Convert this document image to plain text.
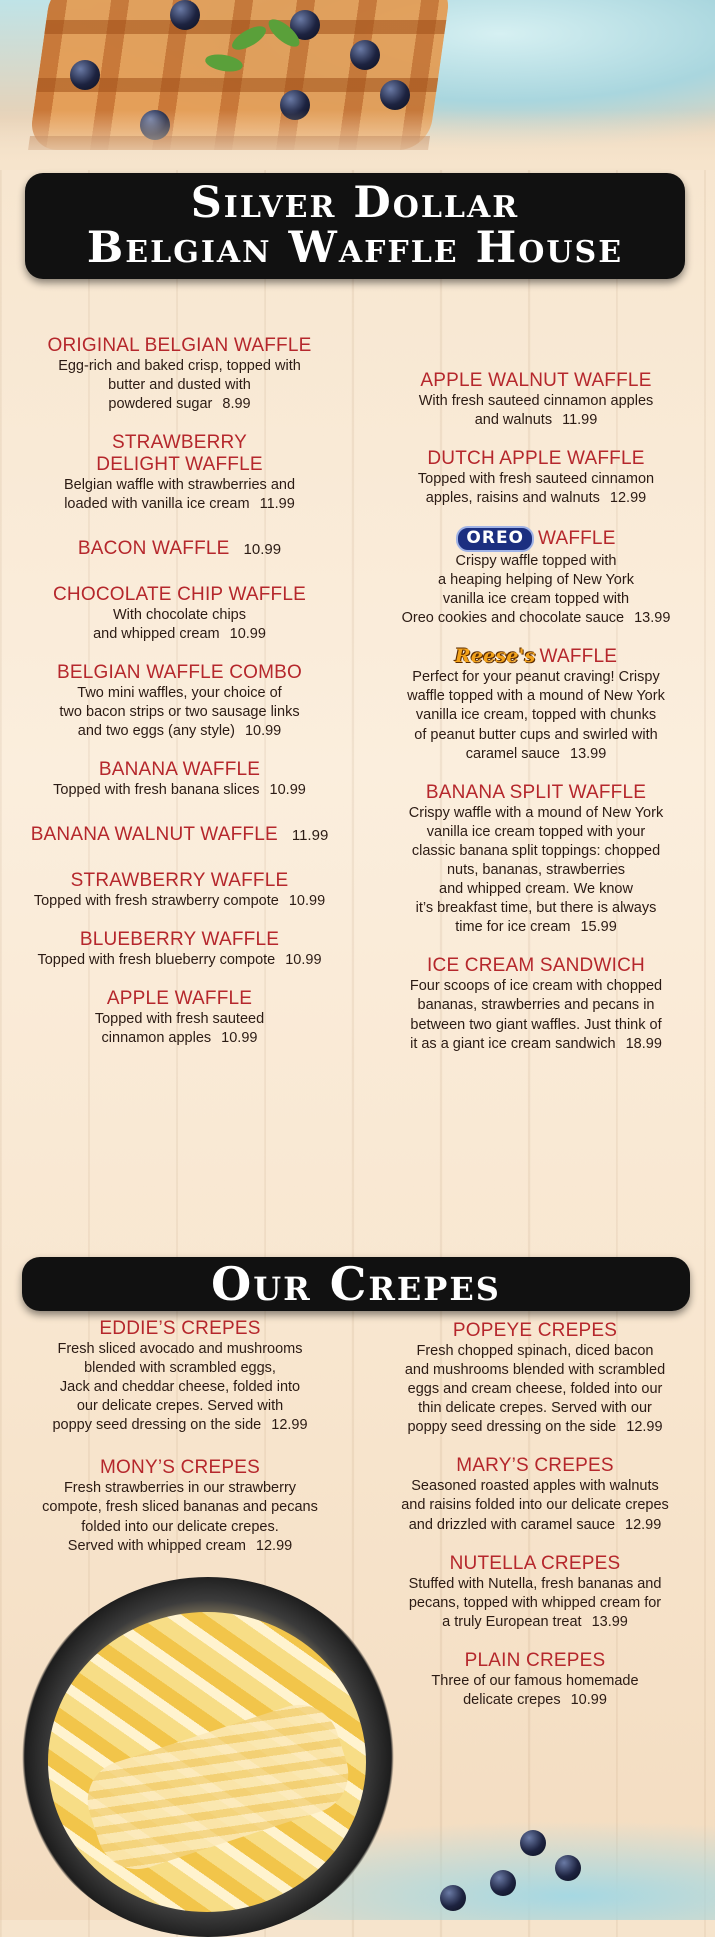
Silver Dollar
Belgian Waffle House
ORIGINAL BELGIAN WAFFLE
Egg-rich and baked crisp, topped with
butter and dusted with
powdered sugar 8.99
STRAWBERRY
DELIGHT WAFFLE
Belgian waffle with strawberries and
loaded with vanilla ice cream 11.99
BACON WAFFLE 10.99
CHOCOLATE CHIP WAFFLE
With chocolate chips
and whipped cream 10.99
BELGIAN WAFFLE COMBO
Two mini waffles, your choice of
two bacon strips or two sausage links
and two eggs (any style) 10.99
BANANA WAFFLE
Topped with fresh banana slices 10.99
BANANA WALNUT WAFFLE 11.99
STRAWBERRY WAFFLE
Topped with fresh strawberry compote 10.99
BLUEBERRY WAFFLE
Topped with fresh blueberry compote 10.99
APPLE WAFFLE
Topped with fresh sauteed
cinnamon apples 10.99
APPLE WALNUT WAFFLE
With fresh sauteed cinnamon apples
and walnuts 11.99
DUTCH APPLE WAFFLE
Topped with fresh sauteed cinnamon
apples, raisins and walnuts 12.99
OREO WAFFLE
Crispy waffle topped with
a heaping helping of New York
vanilla ice cream topped with
Oreo cookies and chocolate sauce 13.99
Reese's WAFFLE
Perfect for your peanut craving! Crispy
waffle topped with a mound of New York
vanilla ice cream, topped with chunks
of peanut butter cups and swirled with
caramel sauce 13.99
BANANA SPLIT WAFFLE
Crispy waffle with a mound of New York
vanilla ice cream topped with your
classic banana split toppings: chopped
nuts, bananas, strawberries
and whipped cream. We know
it’s breakfast time, but there is always
time for ice cream 15.99
ICE CREAM SANDWICH
Four scoops of ice cream with chopped
bananas, strawberries and pecans in
between two giant waffles. Just think of
it as a giant ice cream sandwich 18.99
Our Crepes
EDDIE’S CREPES
Fresh sliced avocado and mushrooms
blended with scrambled eggs,
Jack and cheddar cheese, folded into
our delicate crepes. Served with
poppy seed dressing on the side 12.99
MONY’S CREPES
Fresh strawberries in our strawberry
compote, fresh sliced bananas and pecans
folded into our delicate crepes.
Served with whipped cream 12.99
POPEYE CREPES
Fresh chopped spinach, diced bacon
and mushrooms blended with scrambled
eggs and cream cheese, folded into our
thin delicate crepes. Served with our
poppy seed dressing on the side 12.99
MARY’S CREPES
Seasoned roasted apples with walnuts
and raisins folded into our delicate crepes
and drizzled with caramel sauce 12.99
NUTELLA CREPES
Stuffed with Nutella, fresh bananas and
pecans, topped with whipped cream for
a truly European treat 13.99
PLAIN CREPES
Three of our famous homemade
delicate crepes 10.99
